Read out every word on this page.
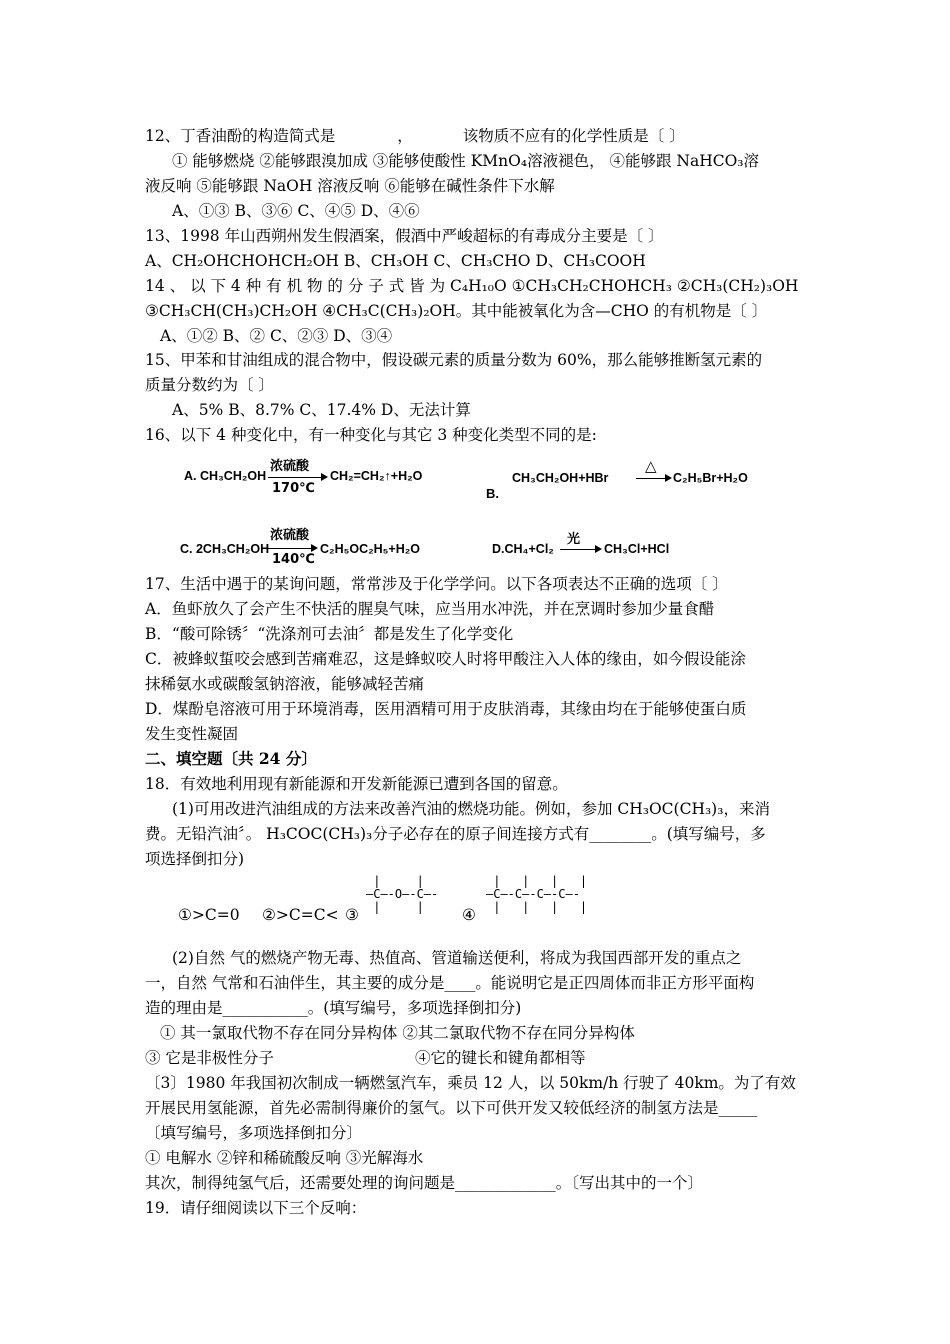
12、丁香油酚的构造简式是	，	该物质不应有的化学性质是〔 〕
① 能够燃烧 ②能够跟溴加成 ③能够使酸性 KMnO₄溶液褪色， ④能够跟 NaHCO₃溶
液反响 ⑤能够跟 NaOH 溶液反响 ⑥能够在碱性条件下水解
A、①③ B、③⑥ C、④⑤ D、④⑥
13、1998 年山西朔州发生假酒案，假酒中严峻超标的有毒成分主要是〔 〕
A、CH₂OHCHOHCH₂OH B、CH₃OH C、CH₃CHO D、CH₃COOH
14 、 以 下 4 种 有 机 物 的 分 子 式 皆 为 C₄H₁₀O ①CH₃CH₂CHOHCH₃ ②CH₃(CH₂)₃OH
③CH₃CH(CH₃)CH₂OH ④CH₃C(CH₃)₂OH。其中能被氧化为含—CHO 的有机物是〔 〕
A、①② B、② C、②③ D、③④
15、甲苯和甘油组成的混合物中，假设碳元素的质量分数为 60%，那么能够推断氢元素的
质量分数约为〔 〕
A、5% B、8.7% C、17.4% D、无法计算
16、以下 4 种变化中，有一种变化与其它 3 种变化类型不同的是:
A. CH₃CH₂OH
浓硫酸
170℃
CH₂=CH₂↑+H₂O	CH₃CH₂OH+HBr
△
C₂H₅Br+H₂O
B.
C. 2CH₃CH₂OH
浓硫酸
140℃
C₂H₅OC₂H₅+H₂O	D.CH₄+Cl₂
光
CH₃Cl+HCl
17、生活中遇于的某询问题，常常涉及于化学学问。以下各项表达不正确的选项〔 〕
A．鱼虾放久了会产生不快活的腥臭气味，应当用水冲洗，并在烹调时参加少量食醋
B．“酸可除锈〞“洗涤剂可去油〞都是发生了化学变化
C．被蜂蚁蜇咬会感到苦痛难忍，这是蜂蚁咬人时将甲酸注入人体的缘由，如今假设能涂
抹稀氨水或碳酸氢钠溶液，能够减轻苦痛
D．煤酚皂溶液可用于环境消毒，医用酒精可用于皮肤消毒，其缘由均在于能够使蛋白质
发生变性凝固
二、填空题〔共 24 分〕
18．有效地利用现有新能源和开发新能源已遭到各国的留意。
(1)可用改进汽油组成的方法来改善汽油的燃烧功能。例如，参加 CH₃OC(CH₃)₃，来消
费。无铅汽油〞。 H₃COC(CH₃)₃分子必存在的原子间连接方式有________。(填写编号，多
项选择倒扣分)
①>C=0	②>C=C< ③
|     |
—C—-O—-C—-
|     |	④
|   |   |   |
—C—-C—-C—-C—-
|   |   |   |
(2)自然 气的燃烧产物无毒、热值高、管道输送便利，将成为我国西部开发的重点之
一，自然 气常和石油伴生，其主要的成分是____。能说明它是正四周体而非正方形平面构
造的理由是___________。(填写编号，多项选择倒扣分)
① 其一氯取代物不存在同分异构体 ②其二氯取代物不存在同分异构体
③ 它是非极性分子	④它的键长和键角都相等
〔3〕1980 年我国初次制成一辆燃氢汽车，乘员 12 人，以 50km/h 行驶了 40km。为了有效
开展民用氢能源，首先必需制得廉价的氢气。以下可供开发又较低经济的制氢方法是_____
〔填写编号，多项选择倒扣分〕
① 电解水 ②锌和稀硫酸反响 ③光解海水
其次，制得纯氢气后，还需要处理的询问题是_____________。〔写出其中的一个〕
19．请仔细阅读以下三个反响：
